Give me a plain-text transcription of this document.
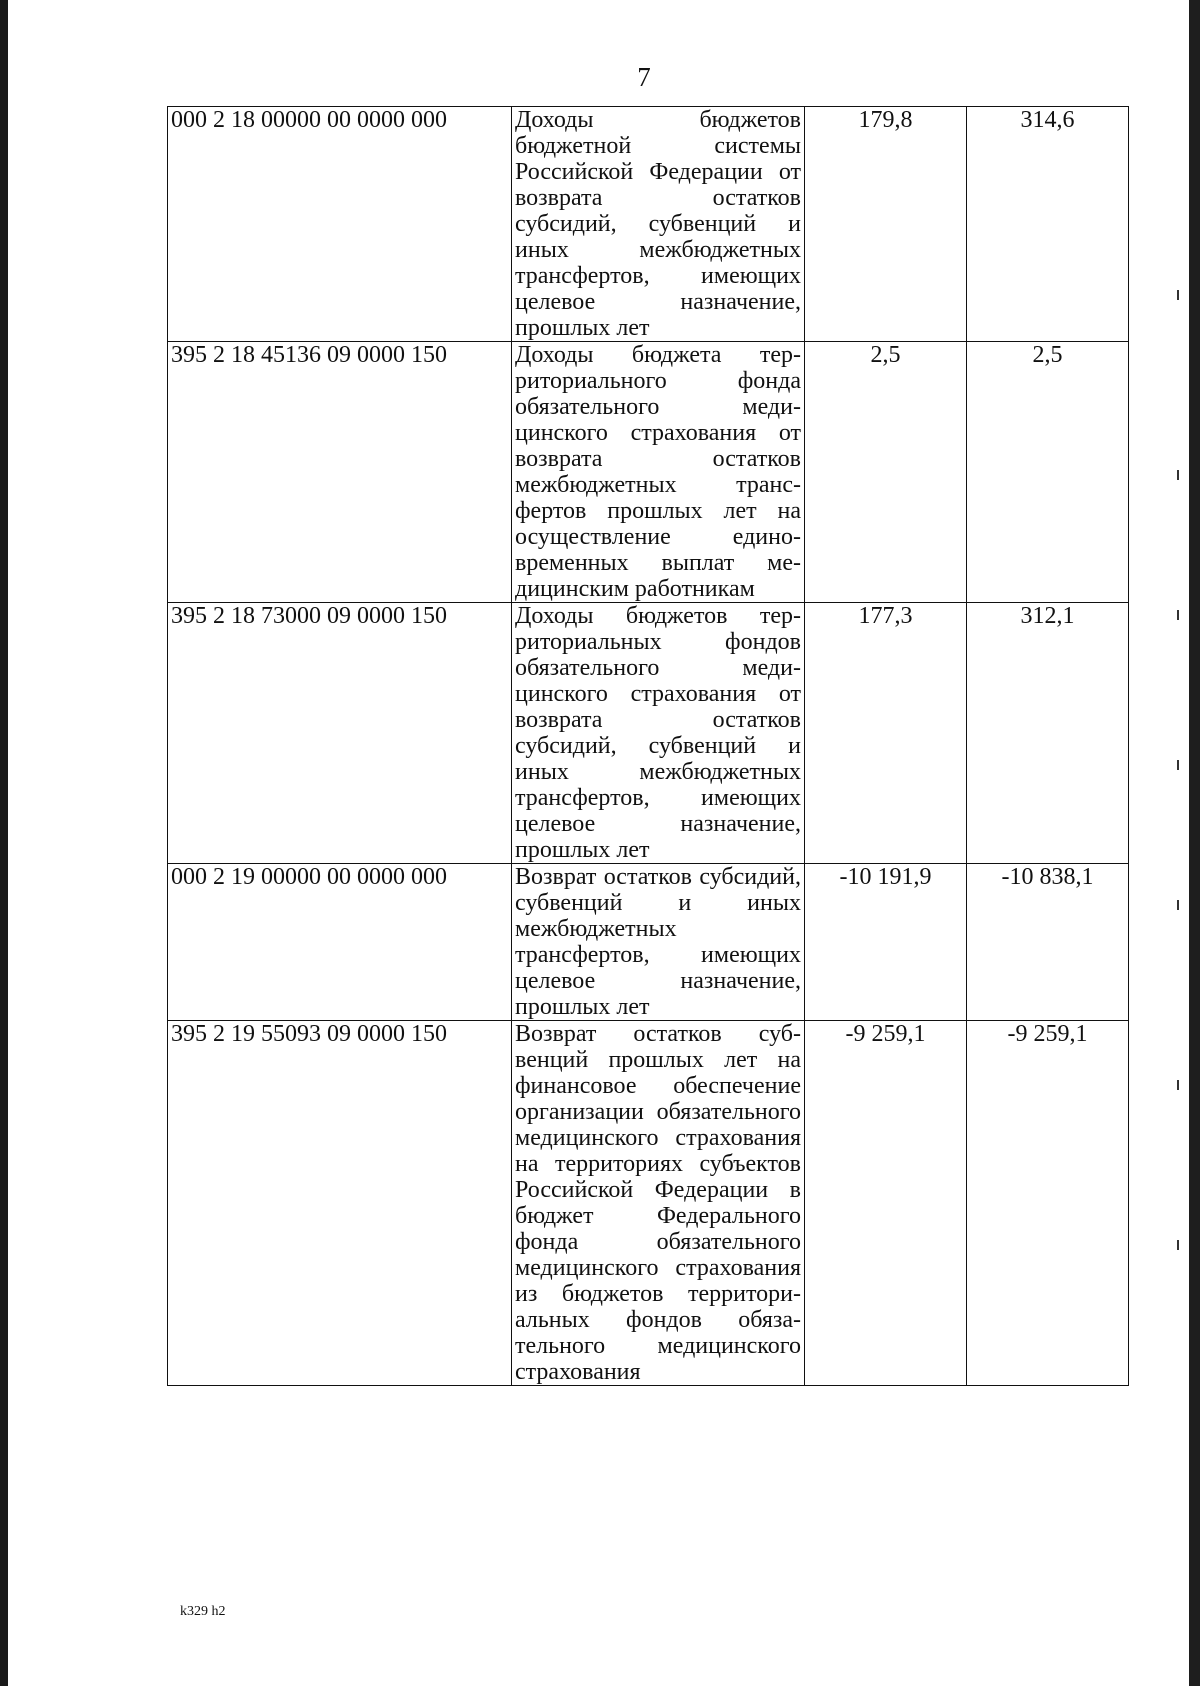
7
000 2 18 00000 00 0000 000	Доходы бюджетов бюджетной системы Российской Федерации от возврата остатков субсидий, субвенций и иных межбюджетных трансфертов, имеющих целевое назначение, прошлых лет	179,8	314,6
395 2 18 45136 09 0000 150	Доходы бюджета территориального фонда обязательного медицинского страхования от возврата остатков межбюджетных трансфертов прошлых лет на осуществление единовременных выплат медицинским работникам	2,5	2,5
395 2 18 73000 09 0000 150	Доходы бюджетов территориальных фондов обязательного медицинского страхования от возврата остатков субсидий, субвенций и иных межбюджетных трансфертов, имеющих целевое назначение, прошлых лет	177,3	312,1
000 2 19 00000 00 0000 000	Возврат остатков субсидий, субвенций и иных межбюджетных трансфертов, имеющих целевое назначение, прошлых лет	-10 191,9	-10 838,1
395 2 19 55093 09 0000 150	Возврат остатков субвенций прошлых лет на финансовое обеспечение организации обязательного медицинского страхования на территориях субъектов Российской Федерации в бюджет Федерального фонда обязательного медицинского страхования из бюджетов территориальных фондов обязательного медицинского страхования	-9 259,1	-9 259,1
k329 h2
